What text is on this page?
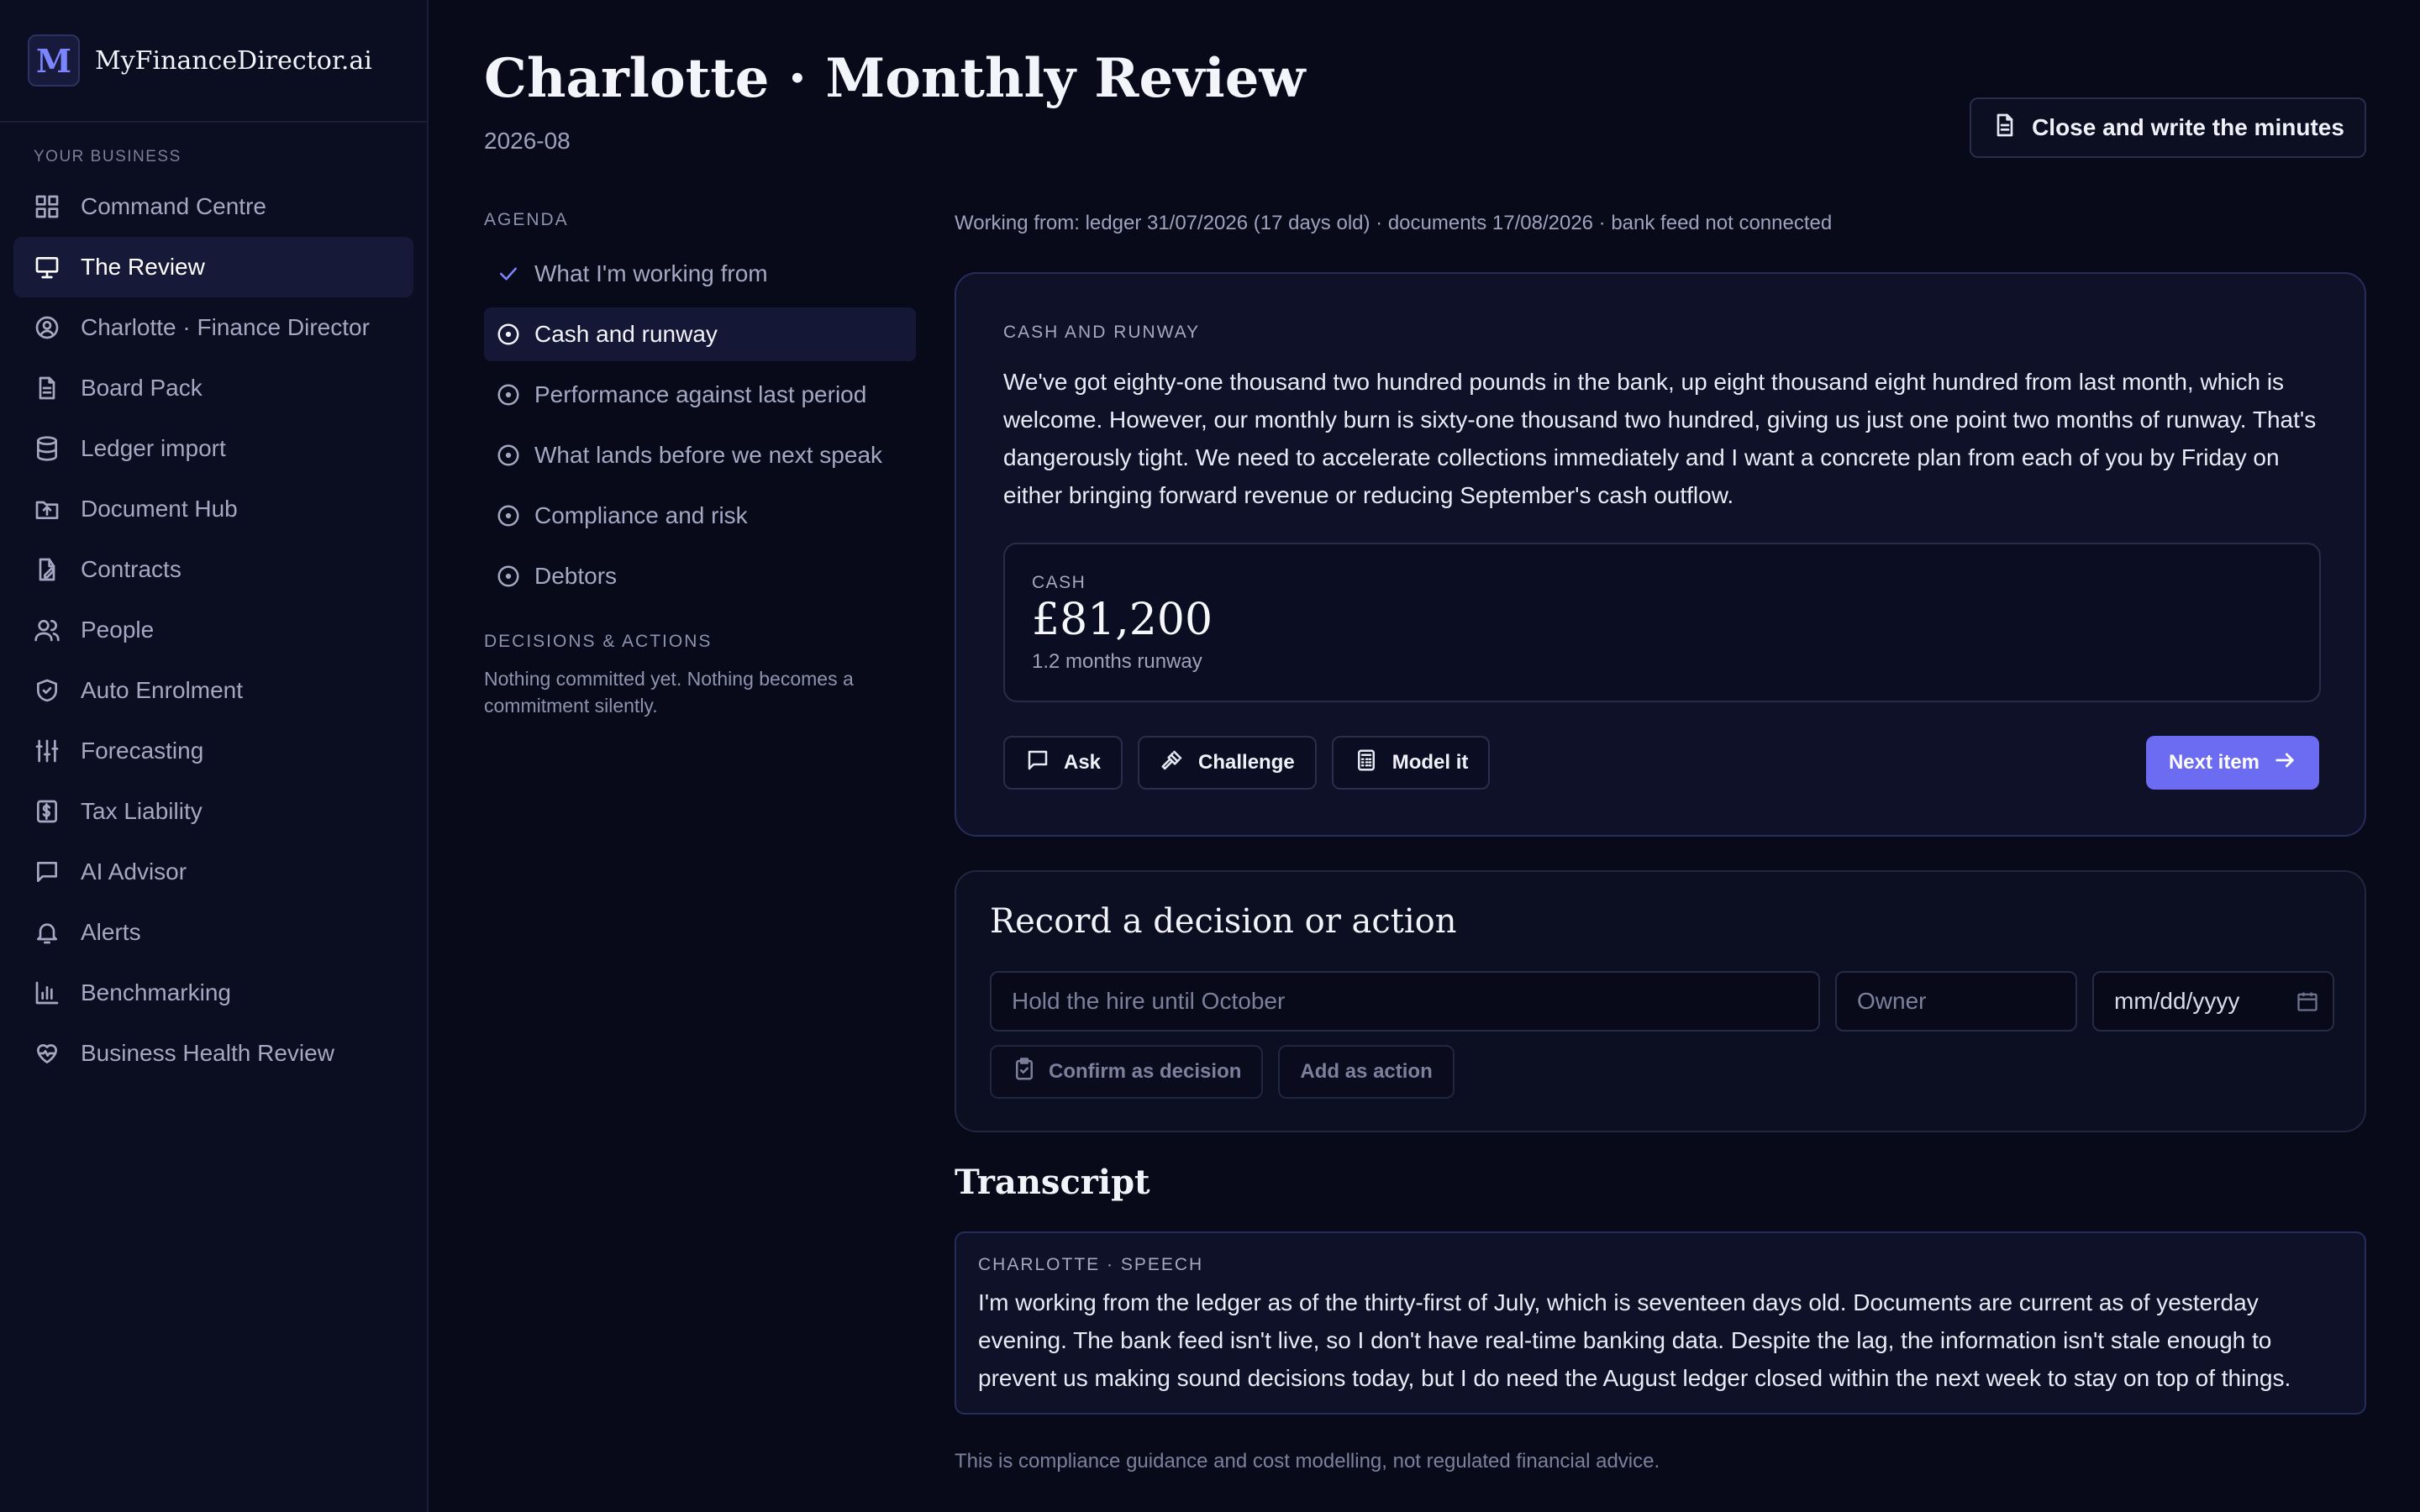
M MyFinanceDirector.ai
YOUR BUSINESS
Command Centre
The Review
Charlotte · Finance Director
Board Pack
Ledger import
Document Hub
Contracts
People
Auto Enrolment
Forecasting
Tax Liability
AI Advisor
Alerts
Benchmarking
Business Health Review
Charlotte · Monthly Review
2026-08
Close and write the minutes
AGENDA
What I'm working from
Cash and runway
Performance against last period
What lands before we next speak
Compliance and risk
Debtors
DECISIONS & ACTIONS
Nothing committed yet. Nothing becomes a commitment silently.
Working from: ledger 31/07/2026 (17 days old) · documents 17/08/2026 · bank feed not connected
CASH AND RUNWAY

We've got eighty-one thousand two hundred pounds in the bank, up eight thousand eight hundred from last month, which is welcome. However, our monthly burn is sixty-one thousand two hundred, giving us just one point two months of runway. That's dangerously tight. We need to accelerate collections immediately and I want a concrete plan from each of you by Friday on either bringing forward revenue or reducing September's cash outflow.

CASH
£81,200
1.2 months runway
Ask	Challenge	Model it	Next item
Record a decision or action
Hold the hire until October	Owner	mm/dd/yyyy
Confirm as decision	Add as action
Transcript
CHARLOTTE · SPEECH

I'm working from the ledger as of the thirty-first of July, which is seventeen days old. Documents are current as of yesterday evening. The bank feed isn't live, so I don't have real-time banking data. Despite the lag, the information isn't stale enough to prevent us making sound decisions today, but I do need the August ledger closed within the next week to stay on top of things.

This is compliance guidance and cost modelling, not regulated financial advice.
